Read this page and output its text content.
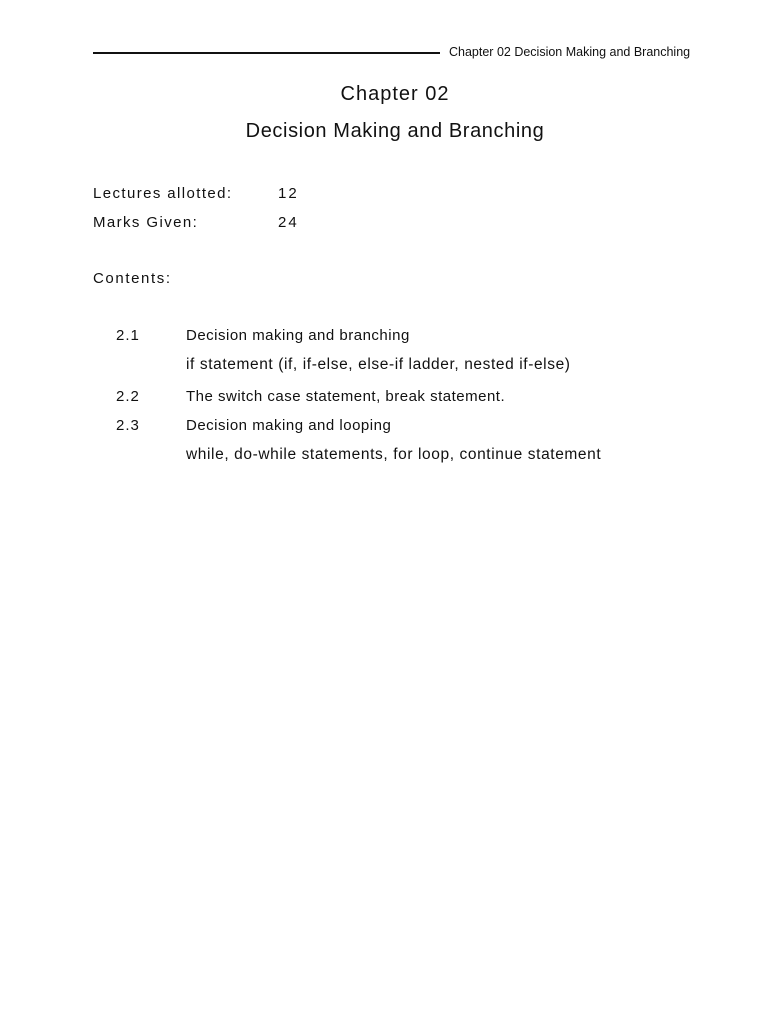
Chapter 02 Decision Making and Branching
Chapter 02
Decision Making and Branching
Lectures allotted:	12
Marks Given:	24
Contents:
2.1	Decision making and branching
if statement (if, if-else, else-if ladder, nested if-else)
2.2	The switch case statement, break statement.
2.3	Decision making and looping
while, do-while statements, for loop, continue statement
